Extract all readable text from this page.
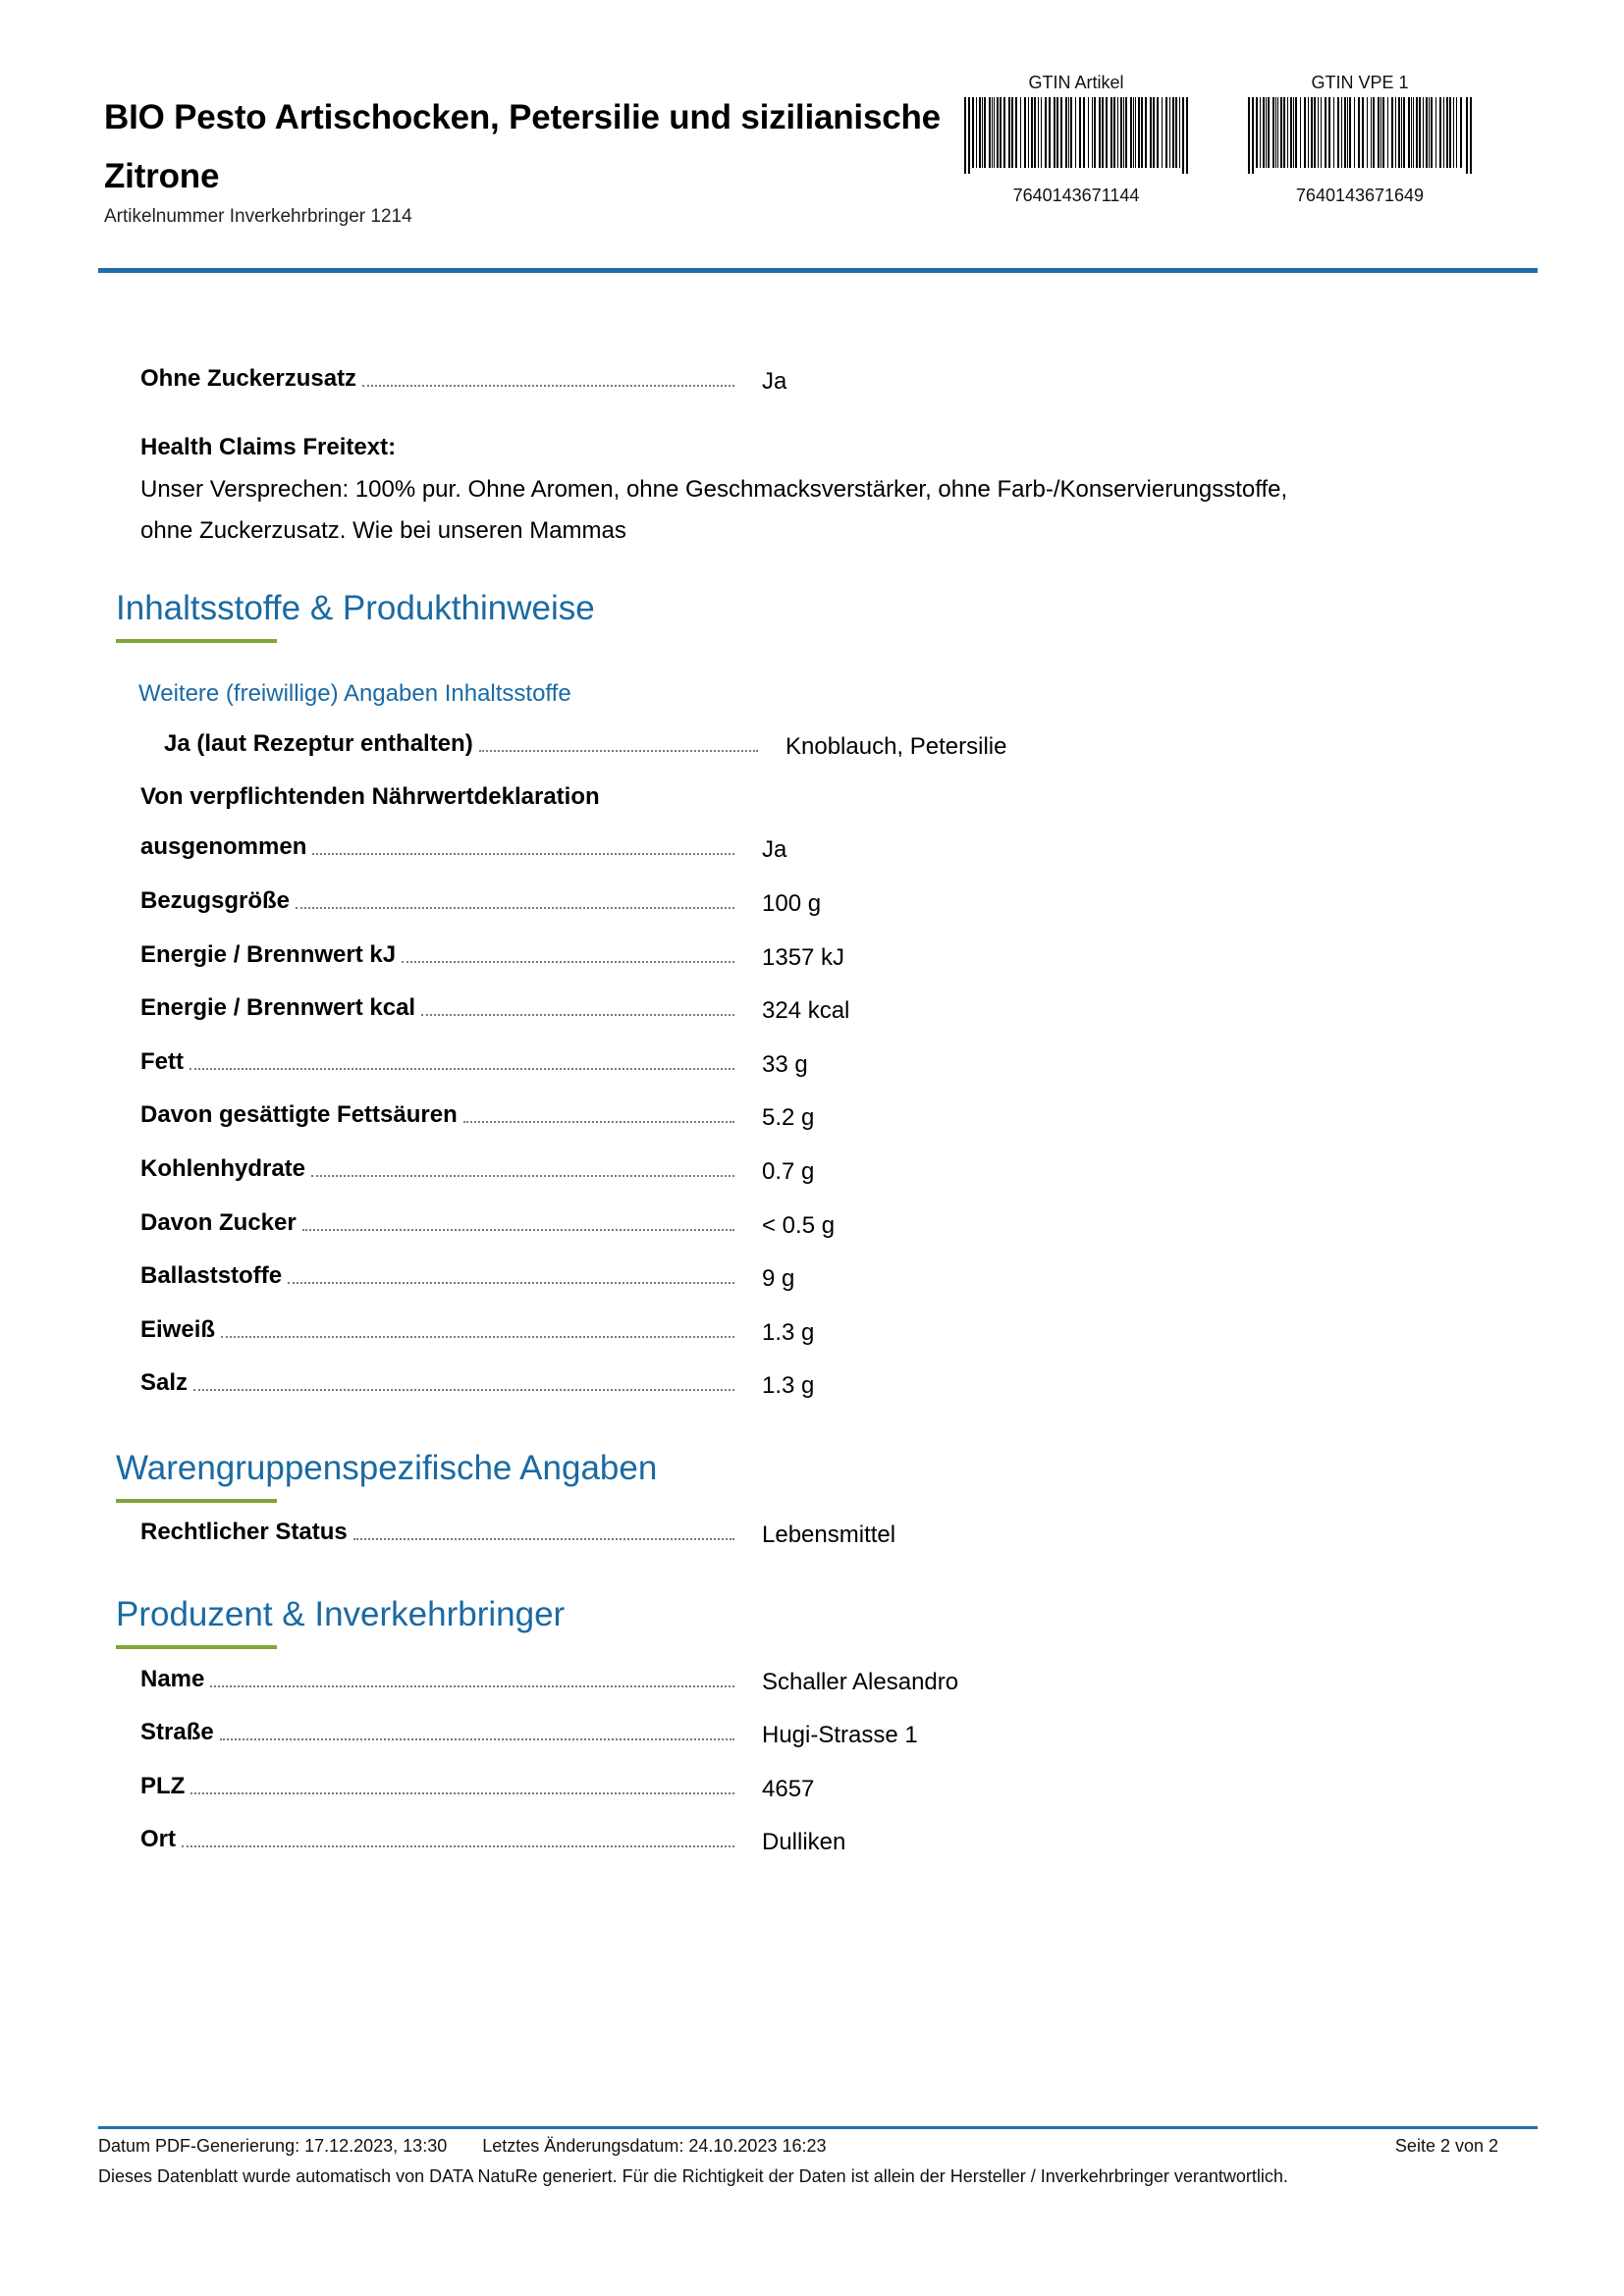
BIO Pesto Artischocken, Petersilie und sizilianische Zitrone
Artikelnummer Inverkehrbringer 1214
GTIN Artikel
7640143671144
GTIN VPE 1
7640143671649
Ohne Zuckerzusatz	Ja
Health Claims Freitext:
Unser Versprechen: 100% pur. Ohne Aromen, ohne Geschmacksverstärker, ohne Farb-/Konservierungsstoffe,
ohne Zuckerzusatz. Wie bei unseren Mammas
Inhaltsstoffe & Produkthinweise
Weitere (freiwillige) Angaben Inhaltsstoffe
Ja (laut Rezeptur enthalten)	Knoblauch, Petersilie
Von verpflichtenden Nährwertdeklaration
ausgenommen	Ja
Bezugsgröße	100 g
Energie / Brennwert kJ	1357 kJ
Energie / Brennwert kcal	324 kcal
Fett	33 g
Davon gesättigte Fettsäuren	5.2 g
Kohlenhydrate	0.7 g
Davon Zucker	< 0.5 g
Ballaststoffe	9 g
Eiweiß	1.3 g
Salz	1.3 g
Warengruppenspezifische Angaben
Rechtlicher Status	Lebensmittel
Produzent & Inverkehrbringer
Name	Schaller Alesandro
Straße	Hugi-Strasse 1
PLZ	4657
Ort	Dulliken
Datum PDF-Generierung: 17.12.2023, 13:30 Letztes Änderungsdatum: 24.10.2023 16:23	Seite 2 von 2
Dieses Datenblatt wurde automatisch von DATA NatuRe generiert. Für die Richtigkeit der Daten ist allein der Hersteller / Inverkehrbringer verantwortlich.
